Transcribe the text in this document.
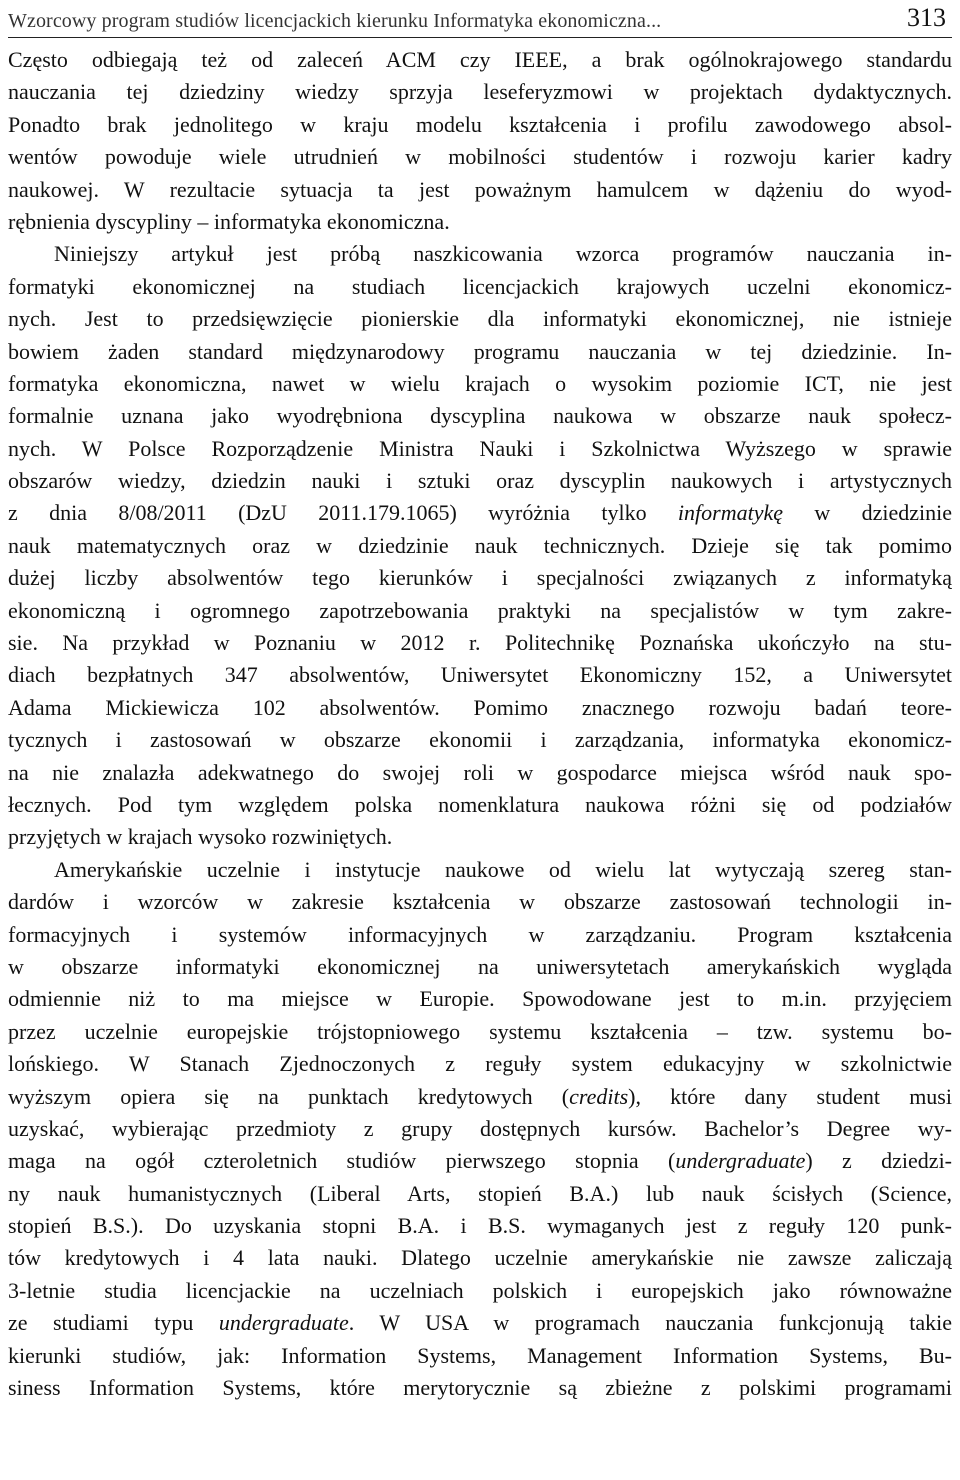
Wzorcowy program studiów licencjackich kierunku Informatyka ekonomiczna...	313
Często odbiegają też od zaleceń ACM czy IEEE, a brak ogólnokrajowego standardu
nauczania tej dziedziny wiedzy sprzyja leseferyzmowi w projektach dydaktycznych.
Ponadto brak jednolitego w kraju modelu kształcenia i profilu zawodowego absol-
wentów powoduje wiele utrudnień w mobilności studentów i rozwoju karier kadry
naukowej. W rezultacie sytuacja ta jest poważnym hamulcem w dążeniu do wyod-
rębnienia dyscypliny – informatyka ekonomiczna.
Niniejszy artykuł jest próbą naszkicowania wzorca programów nauczania in-
formatyki ekonomicznej na studiach licencjackich krajowych uczelni ekonomicz-
nych. Jest to przedsięwzięcie pionierskie dla informatyki ekonomicznej, nie istnieje
bowiem żaden standard międzynarodowy programu nauczania w tej dziedzinie. In-
formatyka ekonomiczna, nawet w wielu krajach o wysokim poziomie ICT, nie jest
formalnie uznana jako wyodrębniona dyscyplina naukowa w obszarze nauk społecz-
nych. W Polsce Rozporządzenie Ministra Nauki i Szkolnictwa Wyższego w sprawie
obszarów wiedzy, dziedzin nauki i sztuki oraz dyscyplin naukowych i artystycznych
z dnia 8/08/2011 (DzU 2011.179.1065) wyróżnia tylko informatykę w dziedzinie
nauk matematycznych oraz w dziedzinie nauk technicznych. Dzieje się tak pomimo
dużej liczby absolwentów tego kierunków i specjalności związanych z informatyką
ekonomiczną i ogromnego zapotrzebowania praktyki na specjalistów w tym zakre-
sie. Na przykład w Poznaniu w 2012 r. Politechnikę Poznańska ukończyło na stu-
diach bezpłatnych 347 absolwentów, Uniwersytet Ekonomiczny 152, a Uniwersytet
Adama Mickiewicza 102 absolwentów. Pomimo znacznego rozwoju badań teore-
tycznych i zastosowań w obszarze ekonomii i zarządzania, informatyka ekonomicz-
na nie znalazła adekwatnego do swojej roli w gospodarce miejsca wśród nauk spo-
łecznych. Pod tym względem polska nomenklatura naukowa różni się od podziałów
przyjętych w krajach wysoko rozwiniętych.
Amerykańskie uczelnie i instytucje naukowe od wielu lat wytyczają szereg stan-
dardów i wzorców w zakresie kształcenia w obszarze zastosowań technologii in-
formacyjnych i systemów informacyjnych w zarządzaniu. Program kształcenia
w obszarze informatyki ekonomicznej na uniwersytetach amerykańskich wygląda
odmiennie niż to ma miejsce w Europie. Spowodowane jest to m.in. przyjęciem
przez uczelnie europejskie trójstopniowego systemu kształcenia – tzw. systemu bo-
lońskiego. W Stanach Zjednoczonych z reguły system edukacyjny w szkolnictwie
wyższym opiera się na punktach kredytowych (credits), które dany student musi
uzyskać, wybierając przedmioty z grupy dostępnych kursów. Bachelor’s Degree wy-
maga na ogół czteroletnich studiów pierwszego stopnia (undergraduate) z dziedzi-
ny nauk humanistycznych (Liberal Arts, stopień B.A.) lub nauk ścisłych (Science,
stopień B.S.). Do uzyskania stopni B.A. i B.S. wymaganych jest z reguły 120 punk-
tów kredytowych i 4 lata nauki. Dlatego uczelnie amerykańskie nie zawsze zaliczają
3-letnie studia licencjackie na uczelniach polskich i europejskich jako równoważne
ze studiami typu undergraduate. W USA w programach nauczania funkcjonują takie
kierunki studiów, jak: Information Systems, Management Information Systems, Bu-
siness Information Systems, które merytorycznie są zbieżne z polskimi programami
